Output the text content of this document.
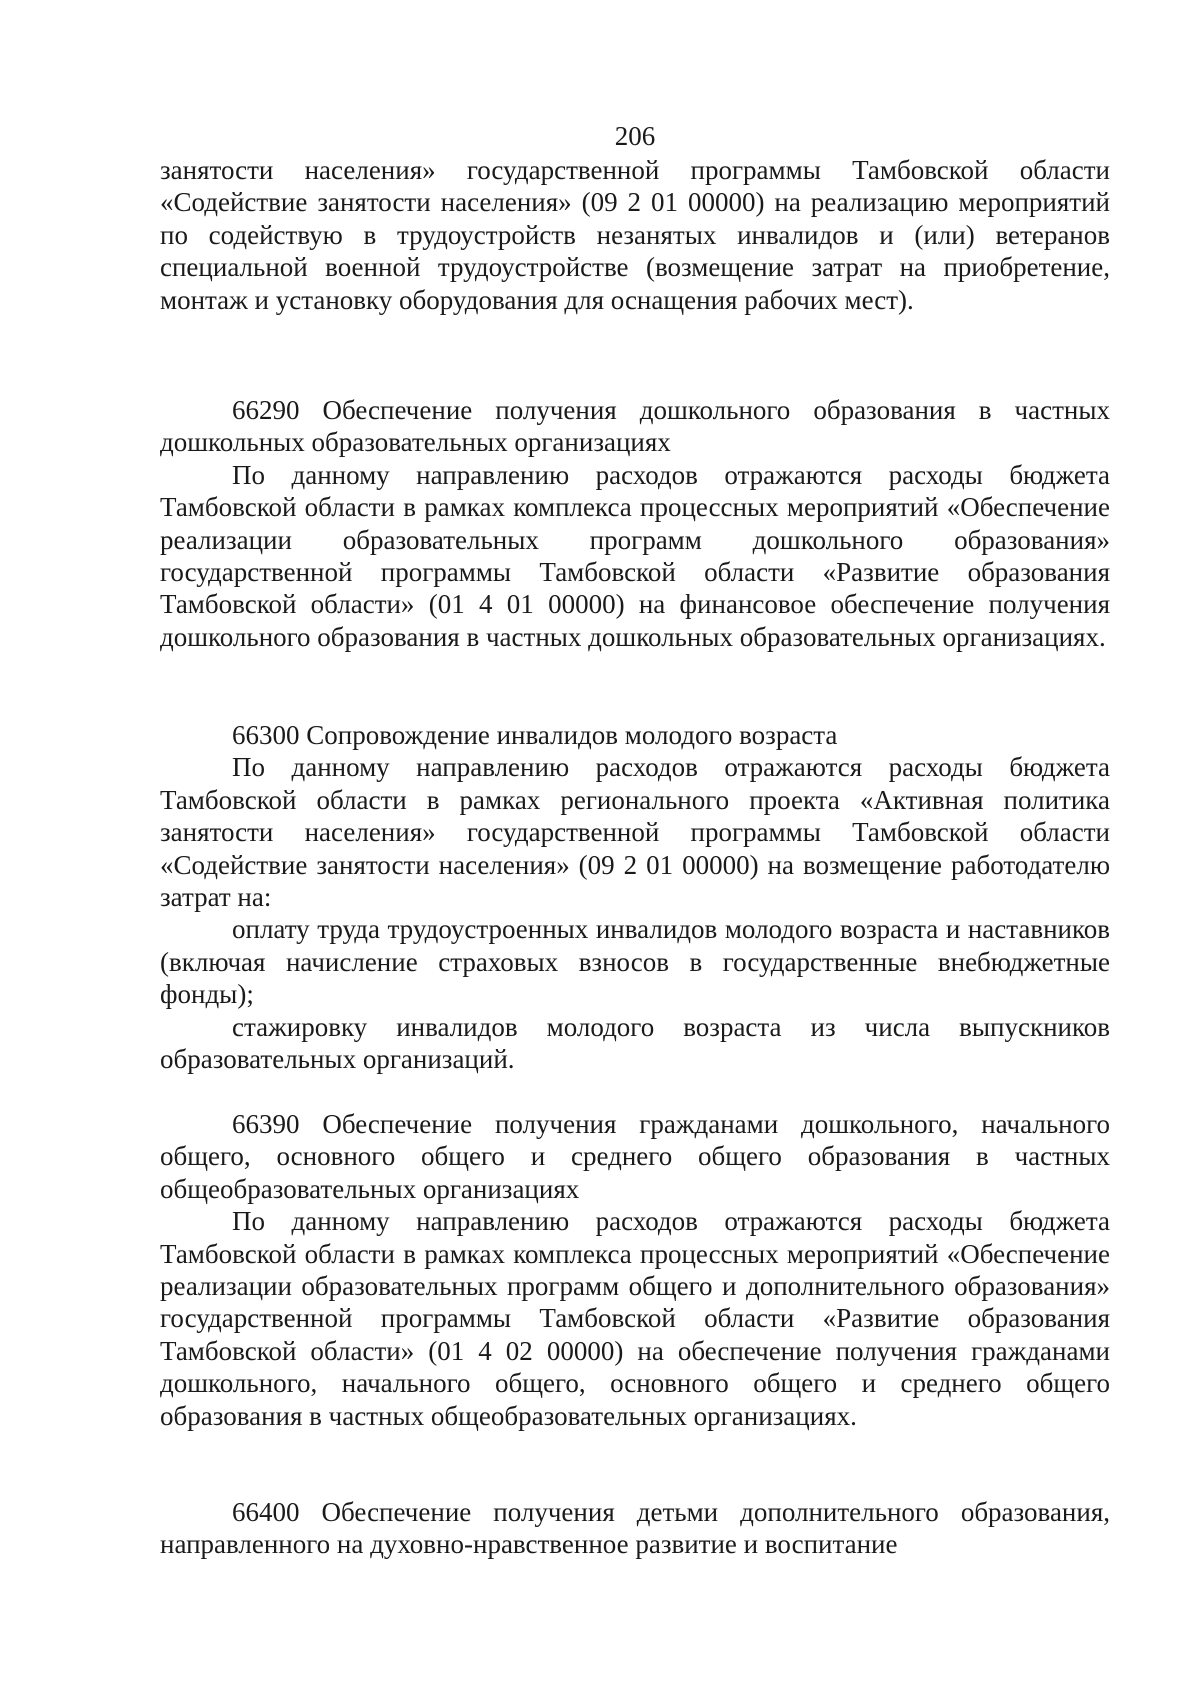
206

занятости населения» государственной программы Тамбовской области «Содействие занятости населения» (09 2 01 00000) на реализацию мероприятий по содействую в трудоустройств незанятых инвалидов и (или) ветеранов специальной военной трудоустройстве (возмещение затрат на приобретение, монтаж и установку оборудования для оснащения рабочих мест).

66290 Обеспечение получения дошкольного образования в частных дошкольных образовательных организациях

По данному направлению расходов отражаются расходы бюджета Тамбовской области в рамках комплекса процессных мероприятий «Обеспечение реализации образовательных программ дошкольного образования» государственной программы Тамбовской области «Развитие образования Тамбовской области» (01 4 01 00000) на финансовое обеспечение получения дошкольного образования в частных дошкольных образовательных организациях.

66300 Сопровождение инвалидов молодого возраста

По данному направлению расходов отражаются расходы бюджета Тамбовской области в рамках регионального проекта «Активная политика занятости населения» государственной программы Тамбовской области «Содействие занятости населения» (09 2 01 00000) на возмещение работодателю затрат на:

оплату труда трудоустроенных инвалидов молодого возраста и наставников (включая начисление страховых взносов в государственные внебюджетные фонды);

стажировку инвалидов молодого возраста из числа выпускников образовательных организаций.

66390 Обеспечение получения гражданами дошкольного, начального общего, основного общего и среднего общего образования в частных общеобразовательных организациях

По данному направлению расходов отражаются расходы бюджета Тамбовской области в рамках комплекса процессных мероприятий «Обеспечение реализации образовательных программ общего и дополнительного образования» государственной программы Тамбовской области «Развитие образования Тамбовской области» (01 4 02 00000) на обеспечение получения гражданами дошкольного, начального общего, основного общего и среднего общего образования в частных общеобразовательных организациях.

66400 Обеспечение получения детьми дополнительного образования, направленного на духовно-нравственное развитие и воспитание
